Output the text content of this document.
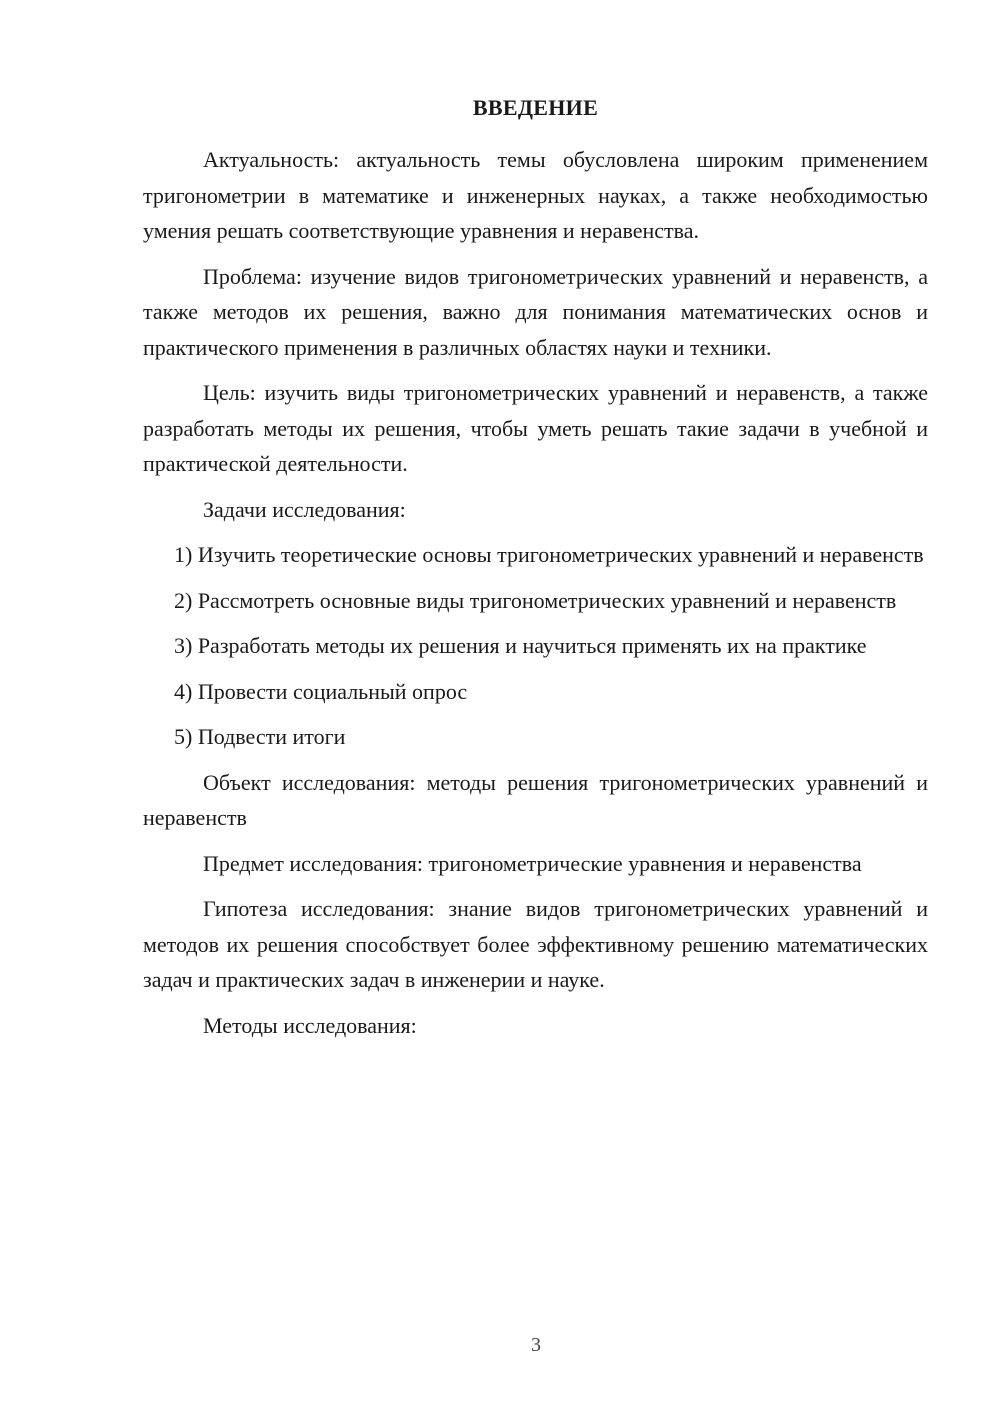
ВВЕДЕНИЕ

Актуальность: актуальность темы обусловлена широким применением тригонометрии в математике и инженерных науках, а также необходимостью умения решать соответствующие уравнения и неравенства.

Проблема: изучение видов тригонометрических уравнений и неравенств, а также методов их решения, важно для понимания математических основ и практического применения в различных областях науки и техники.

Цель: изучить виды тригонометрических уравнений и неравенств, а также разработать методы их решения, чтобы уметь решать такие задачи в учебной и практической деятельности.

Задачи исследования:

1) Изучить теоретические основы тригонометрических уравнений и неравенств

2) Рассмотреть основные виды тригонометрических уравнений и неравенств

3) Разработать методы их решения и научиться применять их на практике

4) Провести социальный опрос

5) Подвести итоги

Объект исследования: методы решения тригонометрических уравнений и неравенств

Предмет исследования: тригонометрические уравнения и неравенства

Гипотеза исследования: знание видов тригонометрических уравнений и методов их решения способствует более эффективному решению математических задач и практических задач в инженерии и науке.

Методы исследования:

3
